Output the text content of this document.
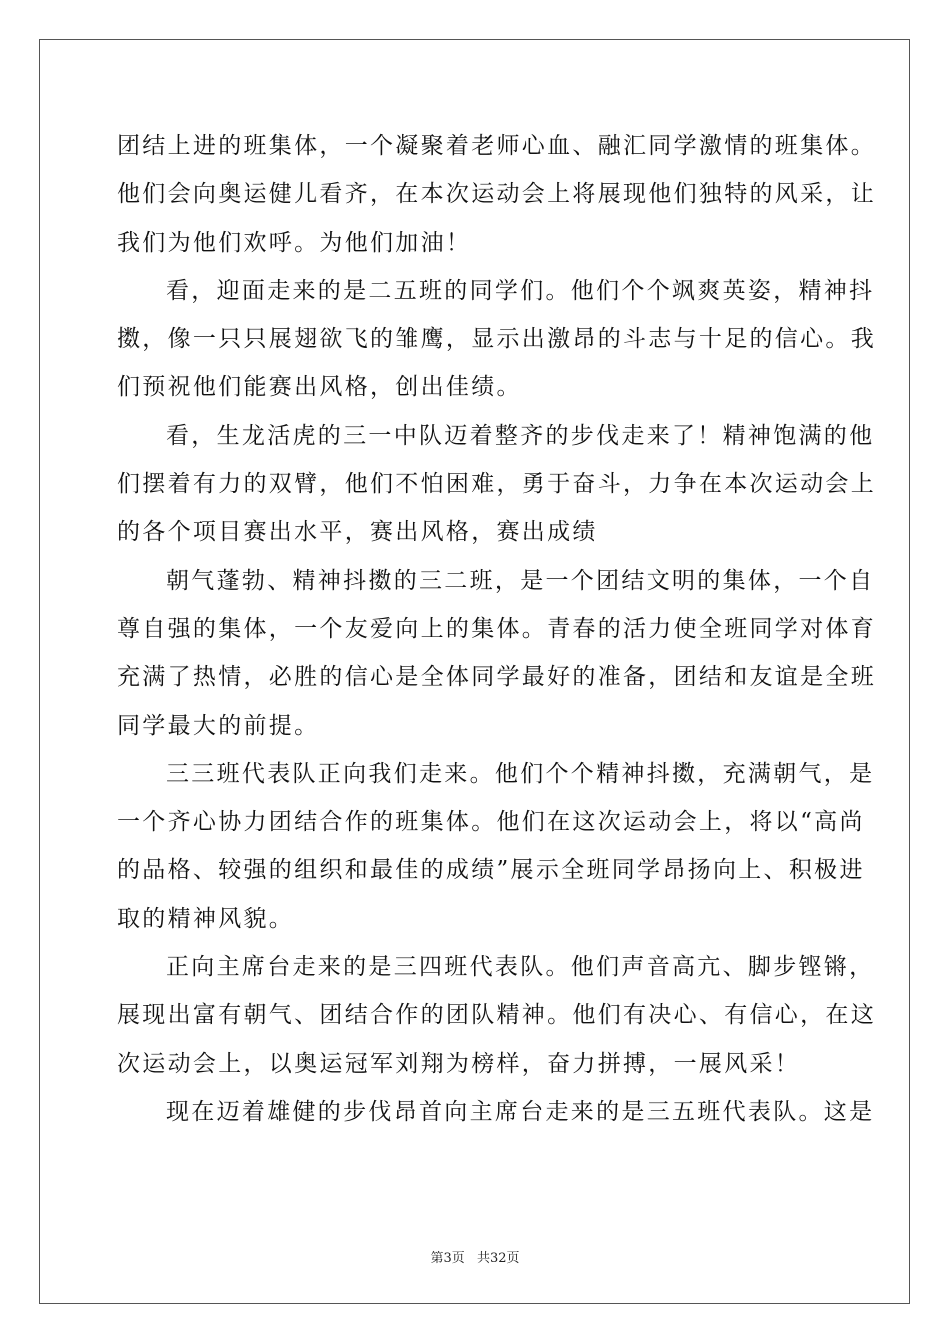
团结上进的班集体，一个凝聚着老师心血、融汇同学激情的班集体。
他们会向奥运健儿看齐，在本次运动会上将展现他们独特的风采，让
我们为他们欢呼。为他们加油！
看，迎面走来的是二五班的同学们。他们个个飒爽英姿，精神抖
擞，像一只只展翅欲飞的雏鹰，显示出激昂的斗志与十足的信心。我
们预祝他们能赛出风格，创出佳绩。
看，生龙活虎的三一中队迈着整齐的步伐走来了！精神饱满的他
们摆着有力的双臂，他们不怕困难，勇于奋斗，力争在本次运动会上
的各个项目赛出水平，赛出风格，赛出成绩
朝气蓬勃、精神抖擞的三二班，是一个团结文明的集体，一个自
尊自强的集体，一个友爱向上的集体。青春的活力使全班同学对体育
充满了热情，必胜的信心是全体同学最好的准备，团结和友谊是全班
同学最大的前提。
三三班代表队正向我们走来。他们个个精神抖擞，充满朝气，是
一个齐心协力团结合作的班集体。他们在这次运动会上，将以“高尚
的品格、较强的组织和最佳的成绩”展示全班同学昂扬向上、积极进
取的精神风貌。
正向主席台走来的是三四班代表队。他们声音高亢、脚步铿锵，
展现出富有朝气、团结合作的团队精神。他们有决心、有信心，在这
次运动会上，以奥运冠军刘翔为榜样，奋力拼搏，一展风采！
现在迈着雄健的步伐昂首向主席台走来的是三五班代表队。这是
第3页 共32页
